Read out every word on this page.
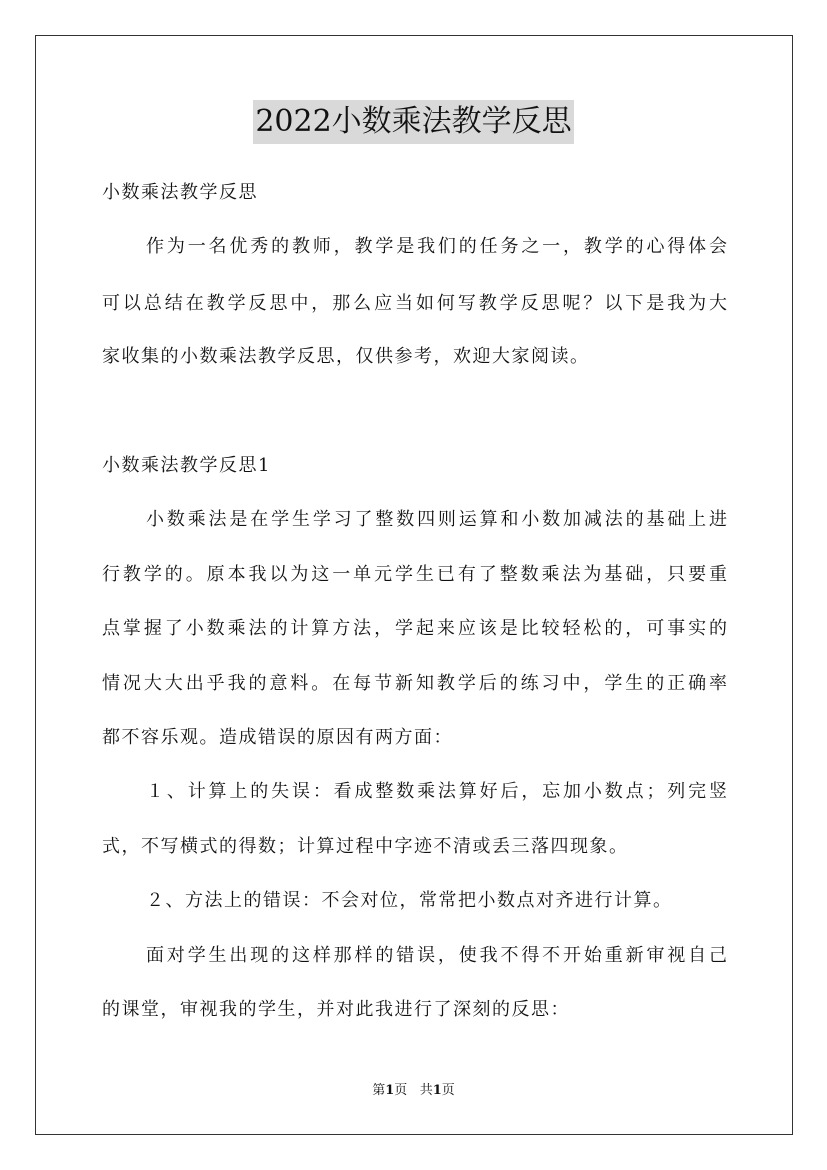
2022小数乘法教学反思

小数乘法教学反思

作为一名优秀的教师，教学是我们的任务之一，教学的心得体会

可以总结在教学反思中，那么应当如何写教学反思呢？以下是我为大

家收集的小数乘法教学反思，仅供参考，欢迎大家阅读。

小数乘法教学反思1

小数乘法是在学生学习了整数四则运算和小数加减法的基础上进

行教学的。原本我以为这一单元学生已有了整数乘法为基础，只要重

点掌握了小数乘法的计算方法，学起来应该是比较轻松的，可事实的

情况大大出乎我的意料。在每节新知教学后的练习中，学生的正确率

都不容乐观。造成错误的原因有两方面：

１、计算上的失误：看成整数乘法算好后，忘加小数点；列完竖

式，不写横式的得数；计算过程中字迹不清或丢三落四现象。

２、方法上的错误：不会对位，常常把小数点对齐进行计算。

面对学生出现的这样那样的错误，使我不得不开始重新审视自己

的课堂，审视我的学生，并对此我进行了深刻的反思：

第1页   共1页
